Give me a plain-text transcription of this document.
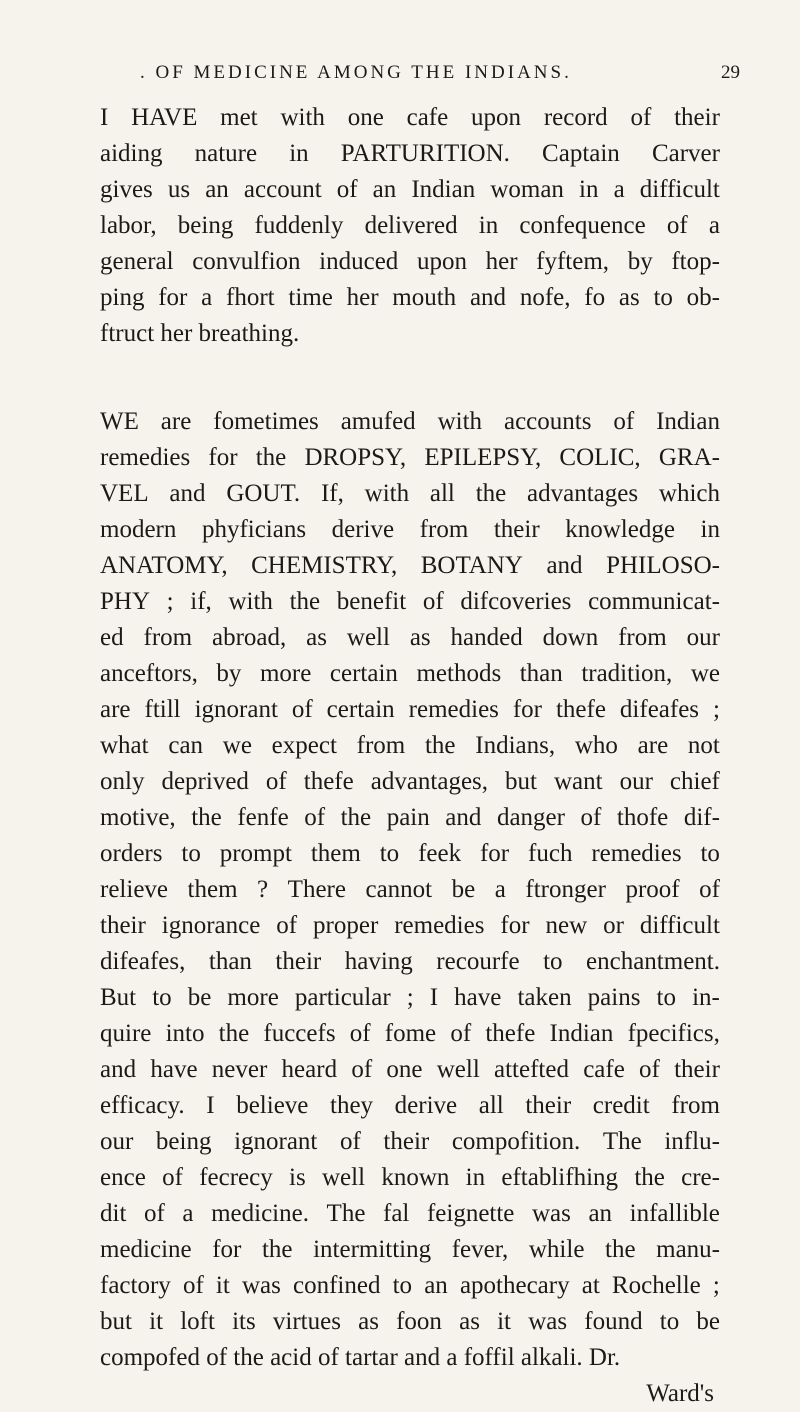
. OF MEDICINE AMONG THE INDIANS.	29
I HAVE met with one cafe upon record of their
aiding nature in PARTURITION. Captain Carver
gives us an account of an Indian woman in a difficult
labor, being fuddenly delivered in confequence of a
general convulfion induced upon her fyftem, by ftop-
ping for a fhort time her mouth and nofe, fo as to ob-
ftruct her breathing.
WE are fometimes amufed with accounts of Indian
remedies for the DROPSY, EPILEPSY, COLIC, GRA-
VEL and GOUT. If, with all the advantages which
modern phyficians derive from their knowledge in
ANATOMY, CHEMISTRY, BOTANY and PHILOSO-
PHY ; if, with the benefit of difcoveries communicat-
ed from abroad, as well as handed down from our
anceftors, by more certain methods than tradition, we
are ftill ignorant of certain remedies for thefe difeafes ;
what can we expect from the Indians, who are not
only deprived of thefe advantages, but want our chief
motive, the fenfe of the pain and danger of thofe dif-
orders to prompt them to feek for fuch remedies to
relieve them ? There cannot be a ftronger proof of
their ignorance of proper remedies for new or difficult
difeafes, than their having recourfe to enchantment.
But to be more particular ; I have taken pains to in-
quire into the fuccefs of fome of thefe Indian fpecifics,
and have never heard of one well attefted cafe of their
efficacy. I believe they derive all their credit from
our being ignorant of their compofition. The influ-
ence of fecrecy is well known in eftablifhing the cre-
dit of a medicine. The fal feignette was an infallible
medicine for the intermitting fever, while the manu-
factory of it was confined to an apothecary at Rochelle ;
but it loft its virtues as foon as it was found to be
compofed of the acid of tartar and a foffil alkali. Dr.
Ward's
